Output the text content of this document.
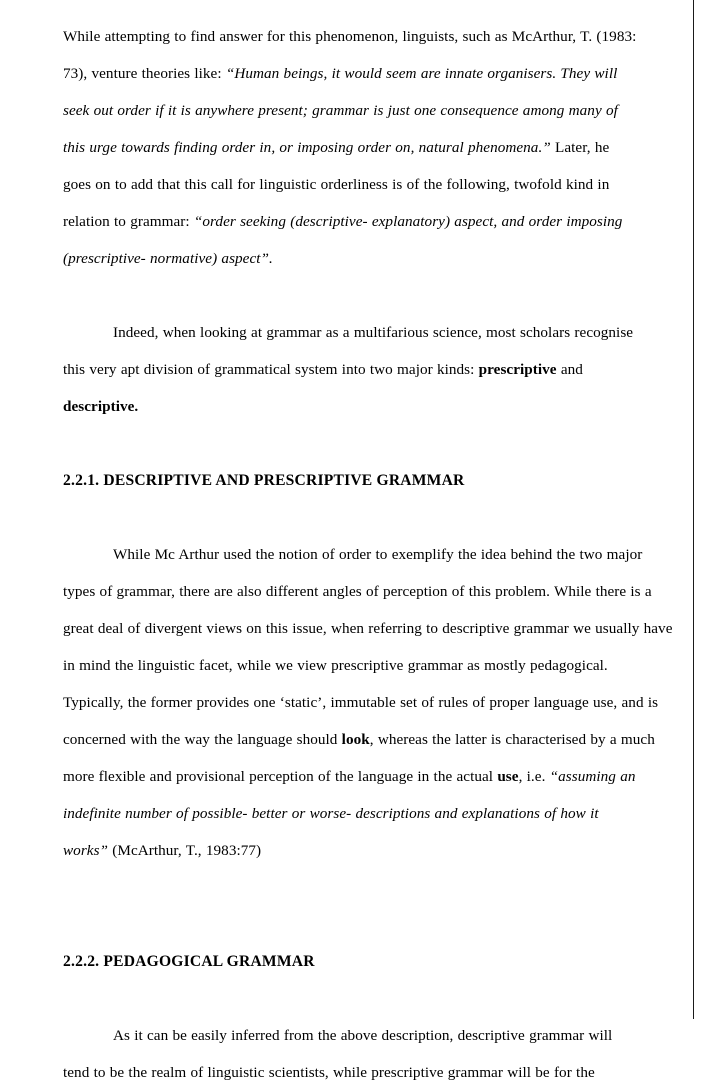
While attempting to find answer for this phenomenon, linguists, such as McArthur, T. (1983:

73), venture theories like: “Human beings, it would seem are innate organisers. They will
seek out order if it is anywhere present; grammar is just one consequence among many of
this urge towards finding order in, or imposing order on, natural phenomena.” Later, he
goes on to add that this call for linguistic orderliness is of the following, twofold kind in
relation to grammar: “order seeking (descriptive- explanatory) aspect, and order imposing
(prescriptive- normative) aspect”.
Indeed, when looking at grammar as a multifarious science, most scholars recognise
this very apt division of grammatical system into two major kinds: prescriptive and
descriptive.
2.2.1. DESCRIPTIVE AND PRESCRIPTIVE GRAMMAR
While Mc Arthur used the notion of order to exemplify the idea behind the two major
types of grammar, there are also different angles of perception of this problem. While there is a
great deal of divergent views on this issue, when referring to descriptive grammar we usually have
in mind the linguistic facet, while we view prescriptive grammar as mostly pedagogical.
Typically, the former provides one ‘static’, immutable set of rules of proper language use, and is
concerned with the way the language should look, whereas the latter is characterised by a much
more flexible and provisional perception of the language in the actual use, i.e. “assuming an
indefinite number of possible- better or worse- descriptions and explanations of how it
works” (McArthur, T., 1983:77)
2.2.2. PEDAGOGICAL GRAMMAR
As it can be easily inferred from the above description, descriptive grammar will
tend to be the realm of linguistic scientists, while prescriptive grammar will be for the
